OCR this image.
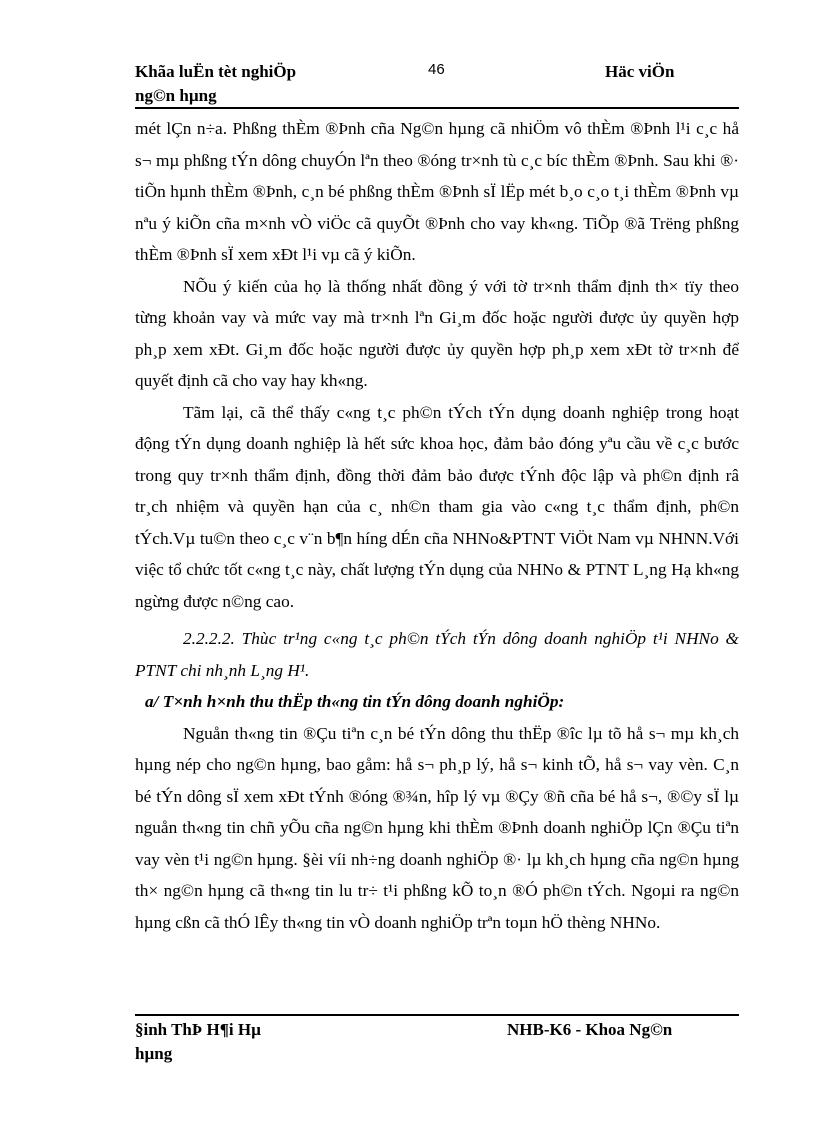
Khãa luËn tèt nghiÖp
ng©n hµng
46	Häc viÖn

mét lÇn n÷a. Phßng thÈm ®Þnh cña Ng©n hµng cã nhiÖm vô thÈm ®Þnh l¹i c¸c hå s¬ mµ phßng tÝn dông chuyÓn lªn theo ®óng tr×nh tù c¸c bíc thÈm ®Þnh. Sau khi ®· tiÕn hµnh thÈm ®Þnh, c¸n bé phßng thÈm ®Þnh sÏ lËp mét b¸o c¸o t¸i thÈm ®Þnh vµ nªu ý kiÕn cña m×nh vÒ viÖc cã quyÕt ®Þnh cho vay kh«ng. TiÕp ®ã Trëng phßng thÈm ®Þnh sÏ xem xÐt l¹i vµ cã ý kiÕn.

NÕu ý kiến của họ là thống nhất đồng ý với tờ tr×nh thẩm định th× tïy theo từng khoản vay và mức vay mà tr×nh lªn Gi¸m đốc hoặc người được ủy quyền hợp ph¸p xem xÐt. Gi¸m đốc hoặc người được ủy quyền hợp ph¸p xem xÐt tờ tr×nh để quyết định cã cho vay hay kh«ng.

Tãm lại, cã thể thấy c«ng t¸c ph©n tÝch tÝn dụng doanh nghiệp trong hoạt động tÝn dụng doanh nghiệp là hết sức khoa học, đảm bảo đóng yªu cầu về c¸c bước trong quy tr×nh thẩm định, đồng thời đảm bảo được tÝnh độc lập và ph©n định râ tr¸ch nhiệm và quyền hạn của c¸ nh©n tham gia vào c«ng t¸c thẩm định, ph©n tÝch.Vµ tu©n theo c¸c v¨n b¶n híng dÉn cña NHNo&PTNT ViÖt Nam vµ NHNN.Với việc tổ chức tốt c«ng t¸c này, chất lượng tÝn dụng của NHNo & PTNT L¸ng Hạ kh«ng ngừng được n©ng cao.

2.2.2.2. Thùc tr¹ng c«ng t¸c ph©n tÝch tÝn dông doanh nghiÖp t¹i NHNo & PTNT chi nh¸nh L¸ng H¹.

a/ T×nh h×nh thu thËp th«ng tin tÝn dông doanh nghiÖp:

Nguån th«ng tin ®Çu tiªn c¸n bé tÝn dông thu thËp ®îc lµ tõ hå s¬ mµ kh¸ch hµng nép cho ng©n hµng, bao gåm: hå s¬ ph¸p lý, hå s¬ kinh tÕ, hå s¬ vay vèn. C¸n bé tÝn dông sÏ xem xÐt tÝnh ®óng ®¾n, hîp lý vµ ®Çy ®ñ cña bé hå s¬, ®©y sÏ lµ nguån th«ng tin chñ yÕu cña ng©n hµng khi thÈm ®Þnh doanh nghiÖp lÇn ®Çu tiªn vay vèn t¹i ng©n hµng. §èi víi nh÷ng doanh nghiÖp ®· lµ kh¸ch hµng cña ng©n hµng th× ng©n hµng cã th«ng tin lu tr÷ t¹i phßng kÕ to¸n ®Ó ph©n tÝch. Ngoµi ra ng©n hµng cßn cã thÓ lÊy th«ng tin vÒ doanh nghiÖp trªn toµn hÖ thèng NHNo.

§inh ThÞ H¶i Hµ
hµng
NHB-K6 - Khoa Ng©n
